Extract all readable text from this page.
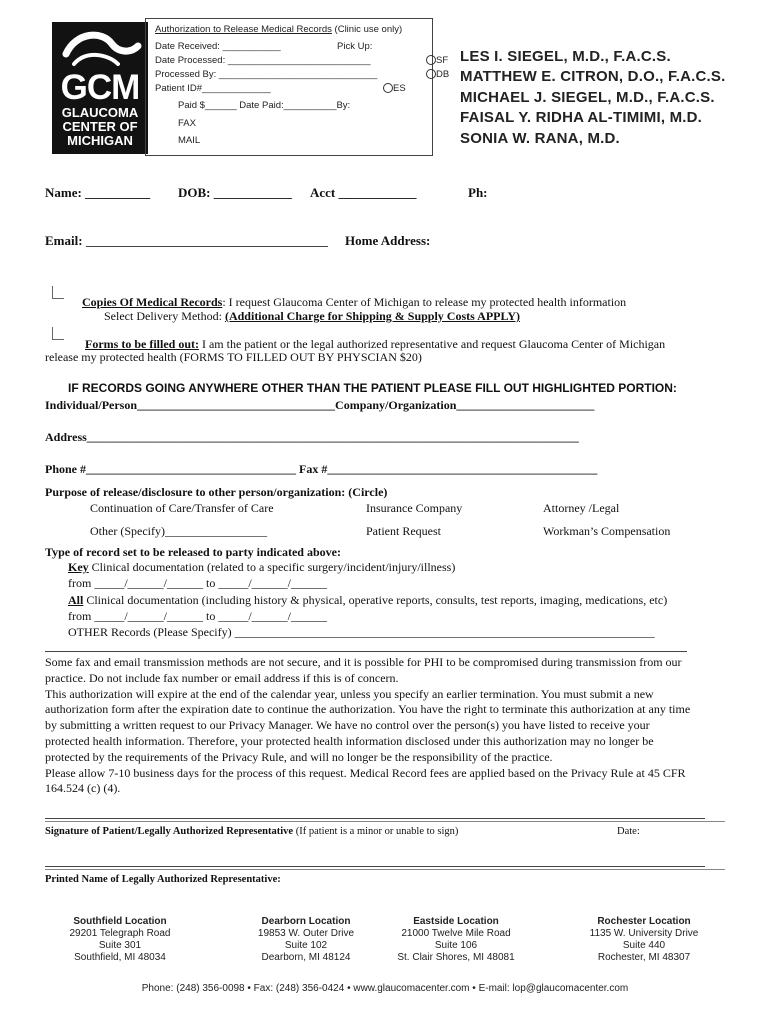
GCM
GLAUCOMA
CENTER OF
MICHIGAN
Authorization to Release Medical Records (Clinic use only)
Date Received: ___________	Pick Up:
Date Processed: ___________________________
Processed By: ______________________________
Patient ID#_____________
Paid $______ Date Paid:__________By:
FAX
MAIL
SF
DB
ES
LES I. SIEGEL, M.D., F.A.C.S.
MATTHEW E. CITRON, D.O., F.A.C.S.
MICHAEL J. SIEGEL, M.D., F.A.C.S.
FAISAL Y. RIDHA AL-TIMIMI, M.D.
SONIA W. RANA, M.D.
Name: __________ DOB: ____________ Acct ____________	Ph:
Email:	Home Address:
Copies Of Medical Records: I request Glaucoma Center of Michigan to release my protected health information
Select Delivery Method: (Additional Charge for Shipping & Supply Costs APPLY)
Forms to be filled out: I am the patient or the legal authorized representative and request Glaucoma Center of Michigan
release my protected health (FORMS TO FILLED OUT BY PHYSCIAN $20)
IF RECORDS GOING ANYWHERE OTHER THAN THE PATIENT PLEASE FILL OUT HIGHLIGHTED PORTION:
Individual/Person_________________________________Company/Organization_______________________
Address__________________________________________________________________________________
Phone #___________________________________ Fax #_____________________________________________
Purpose of release/disclosure to other person/organization: (Circle)
Continuation of Care/Transfer of Care	Insurance Company	Attorney /Legal
Other (Specify)_________________	Patient Request	Workman’s Compensation
Type of record set to be released to party indicated above:
Key Clinical documentation (related to a specific surgery/incident/injury/illness)
from _____/______/______ to _____/______/______
All Clinical documentation (including history & physical, operative reports, consults, test reports, imaging, medications, etc)
from _____/______/______ to _____/______/______
OTHER Records (Please Specify) ______________________________________________________________________
Some fax and email transmission methods are not secure, and it is possible for PHI to be compromised during transmission from our
practice. Do not include fax number or email address if this is of concern.
This authorization will expire at the end of the calendar year, unless you specify an earlier termination. You must submit a new
authorization form after the expiration date to continue the authorization. You have the right to terminate this authorization at any time
by submitting a written request to our Privacy Manager. We have no control over the person(s) you have listed to receive your
protected health information. Therefore, your protected health information disclosed under this authorization may no longer be
protected by the requirements of the Privacy Rule, and will no longer be the responsibility of the practice.
Please allow 7-10 business days for the process of this request. Medical Record fees are applied based on the Privacy Rule at 45 CFR
164.524 (c) (4).
Signature of Patient/Legally Authorized Representative (If patient is a minor or unable to sign)	Date:
Printed Name of Legally Authorized Representative:
Southfield Location
29201 Telegraph Road
Suite 301
Southfield, MI 48034
Dearborn Location
19853 W. Outer Drive
Suite 102
Dearborn, MI 48124
Eastside Location
21000 Twelve Mile Road
Suite 106
St. Clair Shores, MI 48081
Rochester Location
1135 W. University Drive
Suite 440
Rochester, MI 48307
Phone: (248) 356-0098 • Fax: (248) 356-0424 • www.glaucomacenter.com • E-mail: lop@glaucomacenter.com
